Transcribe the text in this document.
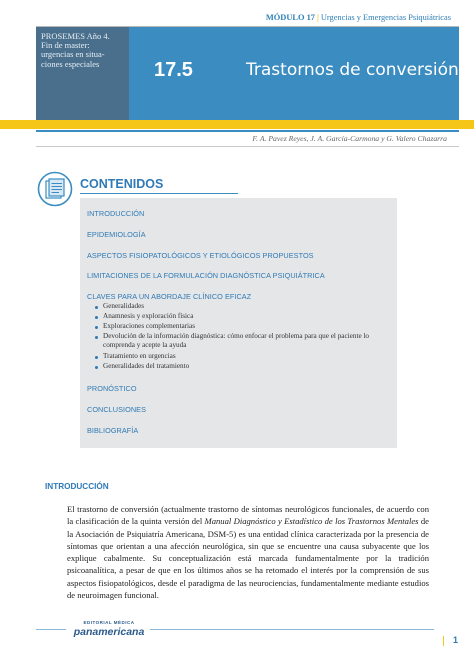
MÓDULO 17 | Urgencias y Emergencias Psiquiátricas
PROSEMES Año 4.
Fin de master:
urgencias en situa-
ciones especiales	17.5	Trastornos de conversión
F. A. Pavez Reyes, J. A. García-Carmona y G. Valero Chazarra
CONTENIDOS
INTRODUCCIÓN
EPIDEMIOLOGÍA
ASPECTOS FISIOPATOLÓGICOS Y ETIOLÓGICOS PROPUESTOS
LIMITACIONES DE LA FORMULACIÓN DIAGNÓSTICA PSIQUIÁTRICA
CLAVES PARA UN ABORDAJE CLÍNICO EFICAZ
Generalidades
Anamnesis y exploración física
Exploraciones complementarias
Devolución de la información diagnóstica: cómo enfocar el problema para que el paciente lo comprenda y acepte la ayuda
Tratamiento en urgencias
Generalidades del tratamiento
PRONÓSTICO
CONCLUSIONES
BIBLIOGRAFÍA
INTRODUCCIÓN
El trastorno de conversión (actualmente trastorno de síntomas neurológicos funcionales, de acuerdo con la clasificación de la quinta versión del Manual Diagnóstico y Estadístico de los Trastornos Mentales de la Asociación de Psiquiatría Americana, DSM-5) es una entidad clínica caracterizada por la presencia de síntomas que orientan a una afección neurológica, sin que se encuentre una causa subyacente que los explique cabalmente. Su conceptualización está marcada fundamentalmente por la tradición psicoanalítica, a pesar de que en los últimos años se ha retomado el interés por la comprensión de sus aspectos fisiopatológicos, desde el paradigma de las neurociencias, fundamentalmente mediante estudios de neuroimagen funcional.
EDITORIAL MÉDICA
panamericana
1
